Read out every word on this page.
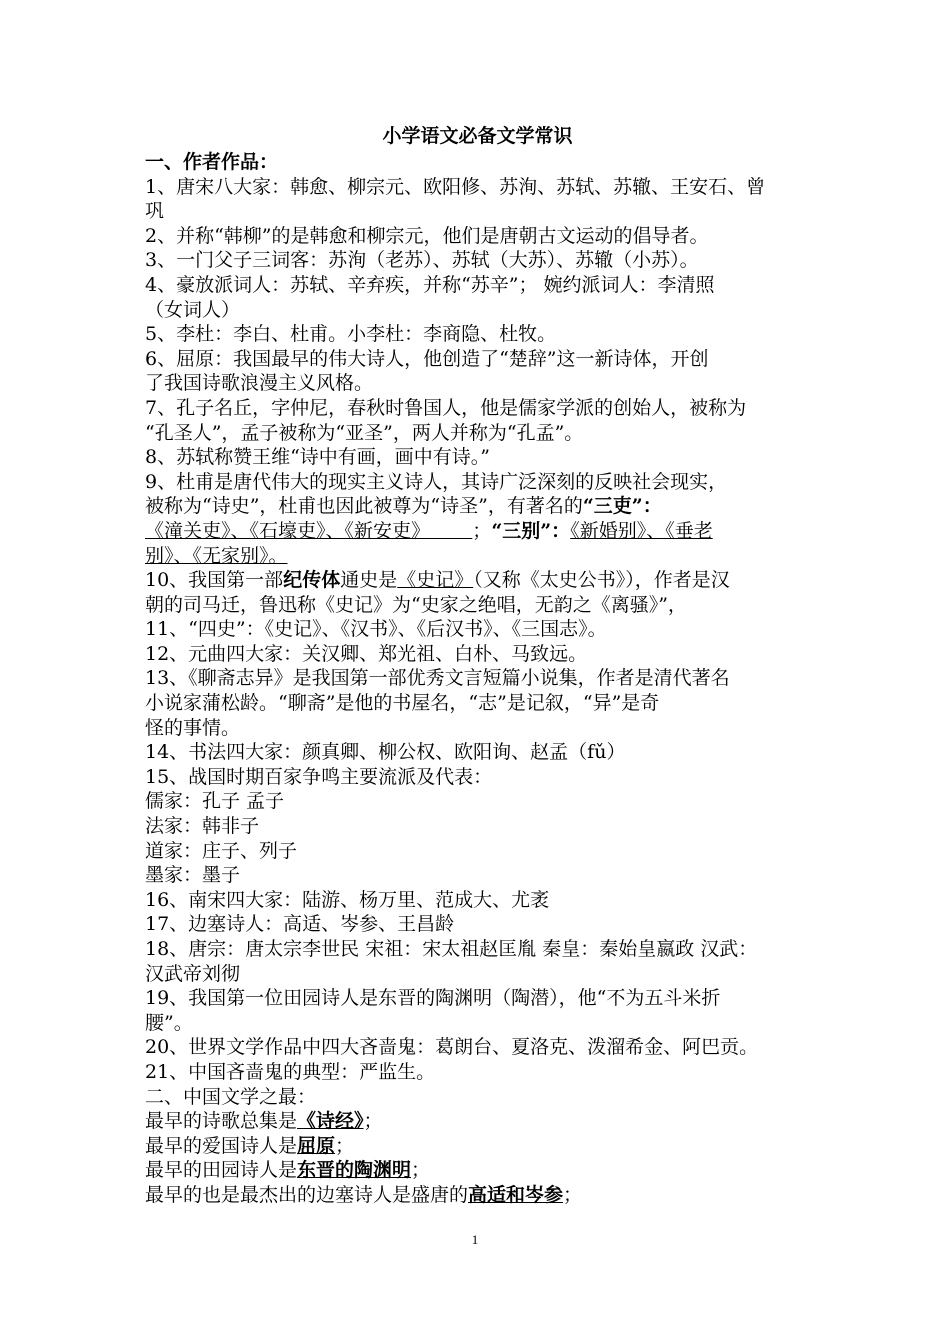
小学语文必备文学常识
一、作者作品：
1、唐宋八大家：韩愈、柳宗元、欧阳修、苏洵、苏轼、苏辙、王安石、曾
巩
2、并称“韩柳”的是韩愈和柳宗元，他们是唐朝古文运动的倡导者。
3、一门父子三词客：苏洵（老苏）、苏轼（大苏）、苏辙（小苏）。
4、豪放派词人：苏轼、辛弃疾，并称“苏辛”； 婉约派词人：李清照
（女词人）
5、李杜：李白、杜甫。小李杜：李商隐、杜牧。
6、屈原：我国最早的伟大诗人，他创造了“楚辞”这一新诗体，开创
了我国诗歌浪漫主义风格。
7、孔子名丘，字仲尼，春秋时鲁国人，他是儒家学派的创始人，被称为
“孔圣人”，孟子被称为“亚圣”，两人并称为“孔孟”。
8、苏轼称赞王维“诗中有画，画中有诗。”
9、杜甫是唐代伟大的现实主义诗人，其诗广泛深刻的反映社会现实，
被称为“诗史”，杜甫也因此被尊为“诗圣”，有著名的“三吏”：
《潼关吏》、《石壕吏》、《新安吏》 ；“三别”：《新婚别》、《垂老
别》、《无家别》。
10、我国第一部纪传体通史是《史记》（又称《太史公书》），作者是汉
朝的司马迁，鲁迅称《史记》为“史家之绝唱，无韵之《离骚》”，
11、“四史”：《史记》、《汉书》、《后汉书》、《三国志》。
12、元曲四大家：关汉卿、郑光祖、白朴、马致远。
13、《聊斋志异》是我国第一部优秀文言短篇小说集，作者是清代著名
小说家蒲松龄。“聊斋”是他的书屋名，“志”是记叙，“异”是奇
怪的事情。
14、书法四大家：颜真卿、柳公权、欧阳询、赵孟（fǔ）
15、战国时期百家争鸣主要流派及代表：
儒家：孔子 孟子
法家：韩非子
道家：庄子、列子
墨家：墨子
16、南宋四大家：陆游、杨万里、范成大、尤袤
17、边塞诗人：高适、岑参、王昌龄
18、唐宗：唐太宗李世民 宋祖：宋太祖赵匡胤 秦皇：秦始皇嬴政 汉武：
汉武帝刘彻
19、我国第一位田园诗人是东晋的陶渊明（陶潜），他“不为五斗米折
腰”。
20、世界文学作品中四大吝啬鬼：葛朗台、夏洛克、泼溜希金、阿巴贡。
21、中国吝啬鬼的典型：严监生。
二、中国文学之最：
最早的诗歌总集是《诗经》；
最早的爱国诗人是屈原；
最早的田园诗人是东晋的陶渊明；
最早的也是最杰出的边塞诗人是盛唐的高适和岑参；
1
